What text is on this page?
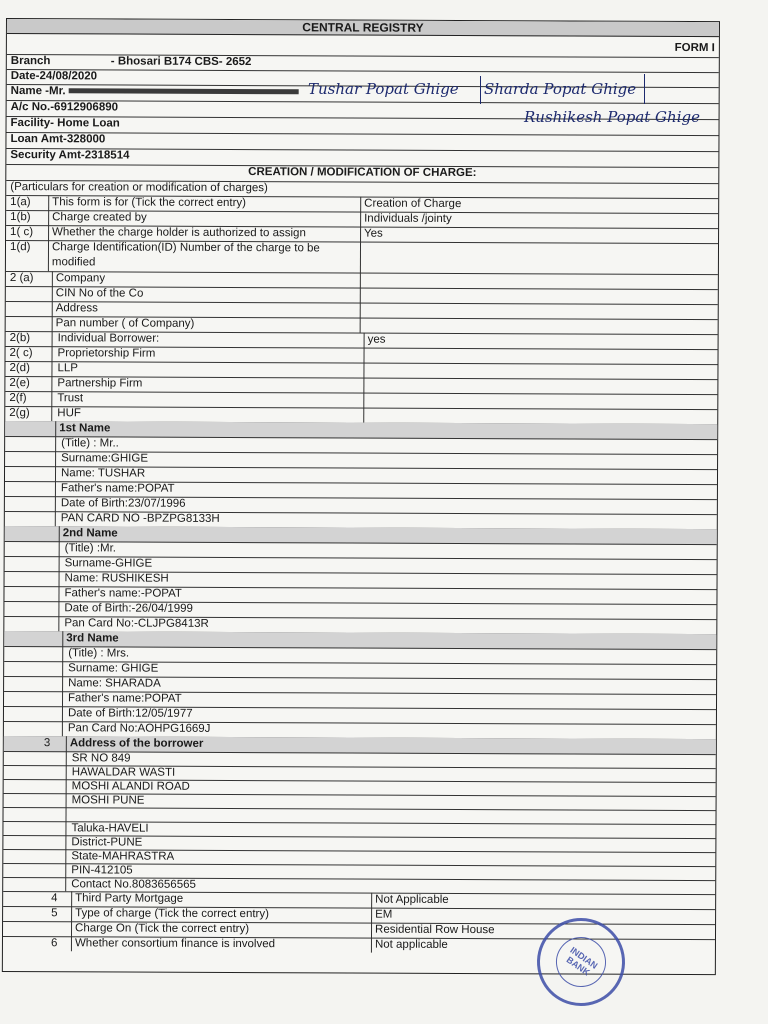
CENTRAL REGISTRY
FORM I
Branch	- Bhosari B174 CBS- 2652
Date-24/08/2020
Name -Mr.
A/c No.-6912906890
Facility- Home Loan
Loan Amt-328000
Security Amt-2318514
CREATION / MODIFICATION OF CHARGE:
(Particulars for creation or modification of charges)
1(a) This form is for (Tick the correct entry)	Creation of Charge
1(b) Charge created by	Individuals /jointy
1( c) Whether the charge holder is authorized to assign	Yes
1(d) Charge Identification(ID) Number of the charge to be
modified
2 (a) Company
CIN No of the Co
Address
Pan number ( of Company)
2(b) Individual Borrower:	yes
2( c) Proprietorship Firm
2(d) LLP
2(e) Partnership Firm
2(f)	Trust
2(g) HUF
1st Name
(Title) : Mr..
Surname:GHIGE
Name: TUSHAR
Father's name:POPAT
Date of Birth:23/07/1996
PAN CARD NO -BPZPG8133H
2nd Name
(Title) :Mr.
Surname-GHIGE
Name: RUSHIKESH
Father's name:-POPAT
Date of Birth:-26/04/1999
Pan Card No:-CLJPG8413R
3rd Name
(Title) : Mrs.
Surname: GHIGE
Name: SHARADA
Father's name:POPAT
Date of Birth:12/05/1977
Pan Card No:AOHPG1669J
3 Address of the borrower
SR NO 849
HAWALDAR WASTI
MOSHI ALANDI ROAD
MOSHI PUNE
Taluka-HAVELI
District-PUNE
State-MAHRASTRA
PIN-412105
Contact No.8083656565
4 Third Party Mortgage	Not Applicable
5 Type of charge (Tick the correct entry)	EM
Charge On (Tick the correct entry)	Residential Row House
6 Whether consortium finance is involved	Not applicable
Tushar Popat Ghige Sharda Popat Ghige
Rushikesh Popat Ghige
INDIAN BANK
